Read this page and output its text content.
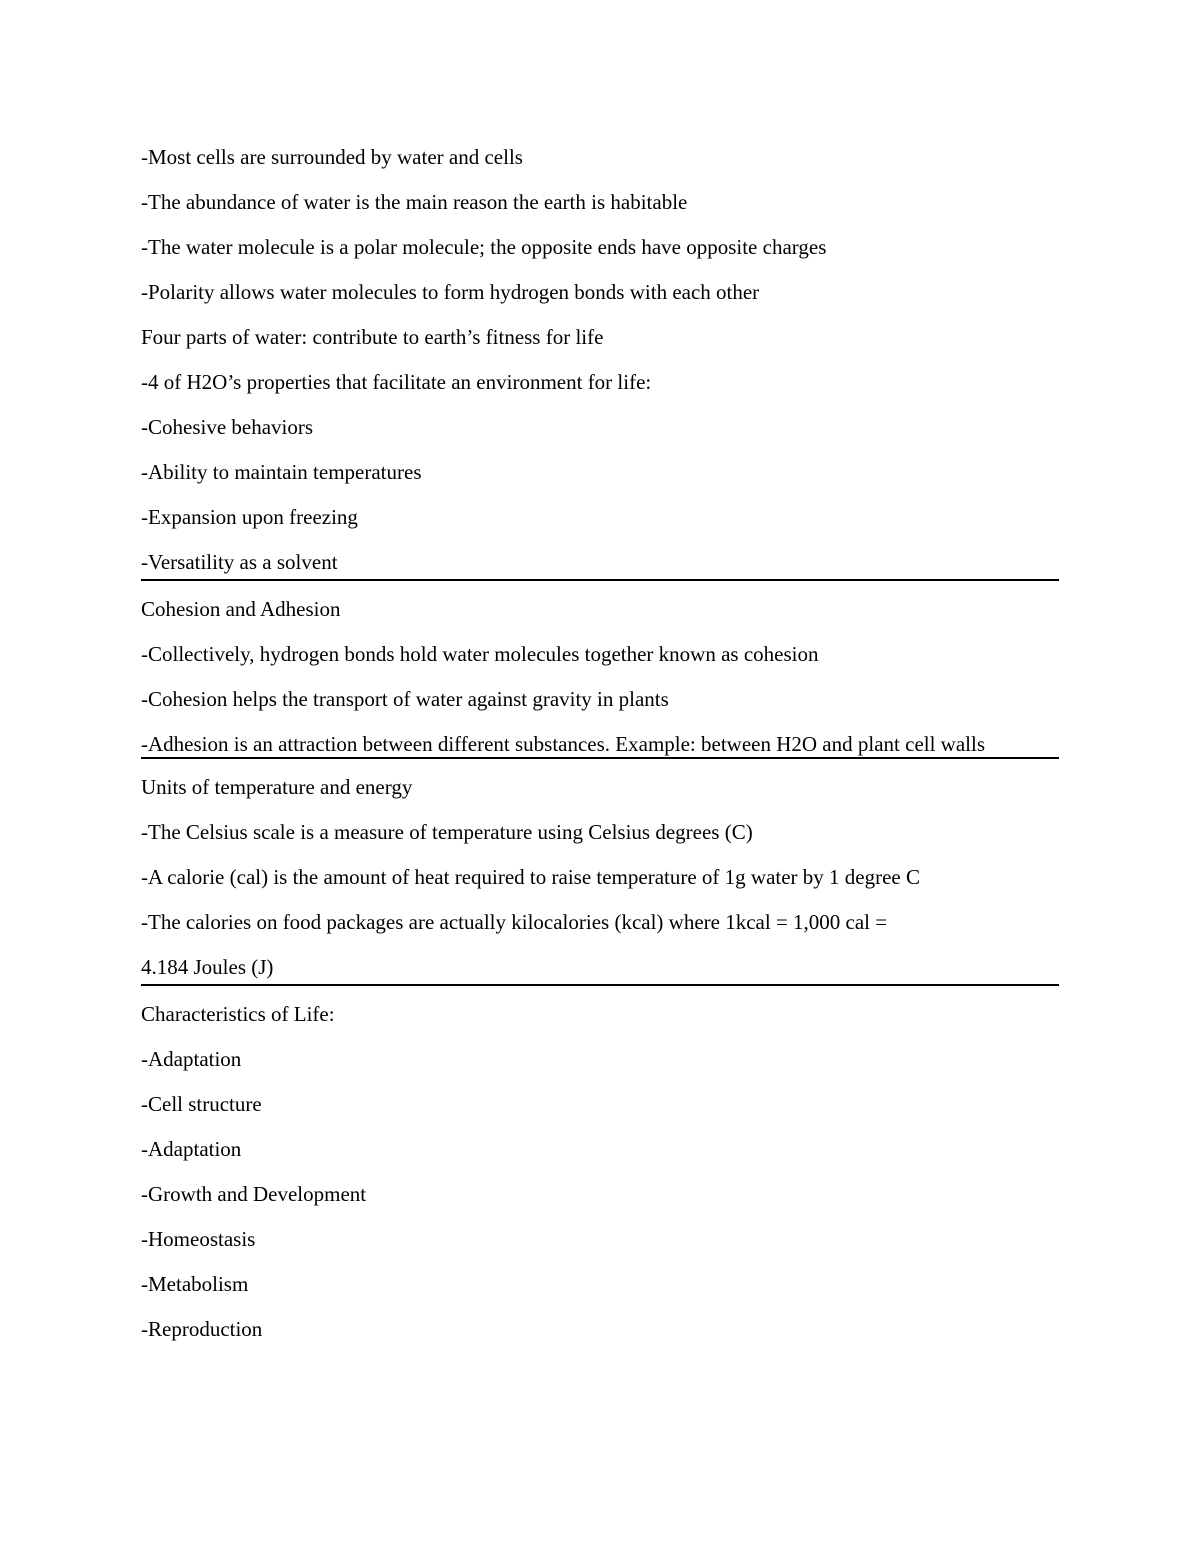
-Most cells are surrounded by water and cells
-The abundance of water is the main reason the earth is habitable
-The water molecule is a polar molecule; the opposite ends have opposite charges
-Polarity allows water molecules to form hydrogen bonds with each other
Four parts of water: contribute to earth’s fitness for life
-4 of H2O’s properties that facilitate an environment for life:
-Cohesive behaviors
-Ability to maintain temperatures
-Expansion upon freezing
-Versatility as a solvent
Cohesion and Adhesion
-Collectively, hydrogen bonds hold water molecules together known as cohesion
-Cohesion helps the transport of water against gravity in plants
-Adhesion is an attraction between different substances. Example: between H2O and plant cell walls
Units of temperature and energy
-The Celsius scale is a measure of temperature using Celsius degrees (C)
-A calorie (cal) is the amount of heat required to raise temperature of 1g water by 1 degree C
-The calories on food packages are actually kilocalories (kcal) where 1kcal = 1,000 cal =
4.184 Joules (J)
Characteristics of Life:
-Adaptation
-Cell structure
-Adaptation
-Growth and Development
-Homeostasis
-Metabolism
-Reproduction
